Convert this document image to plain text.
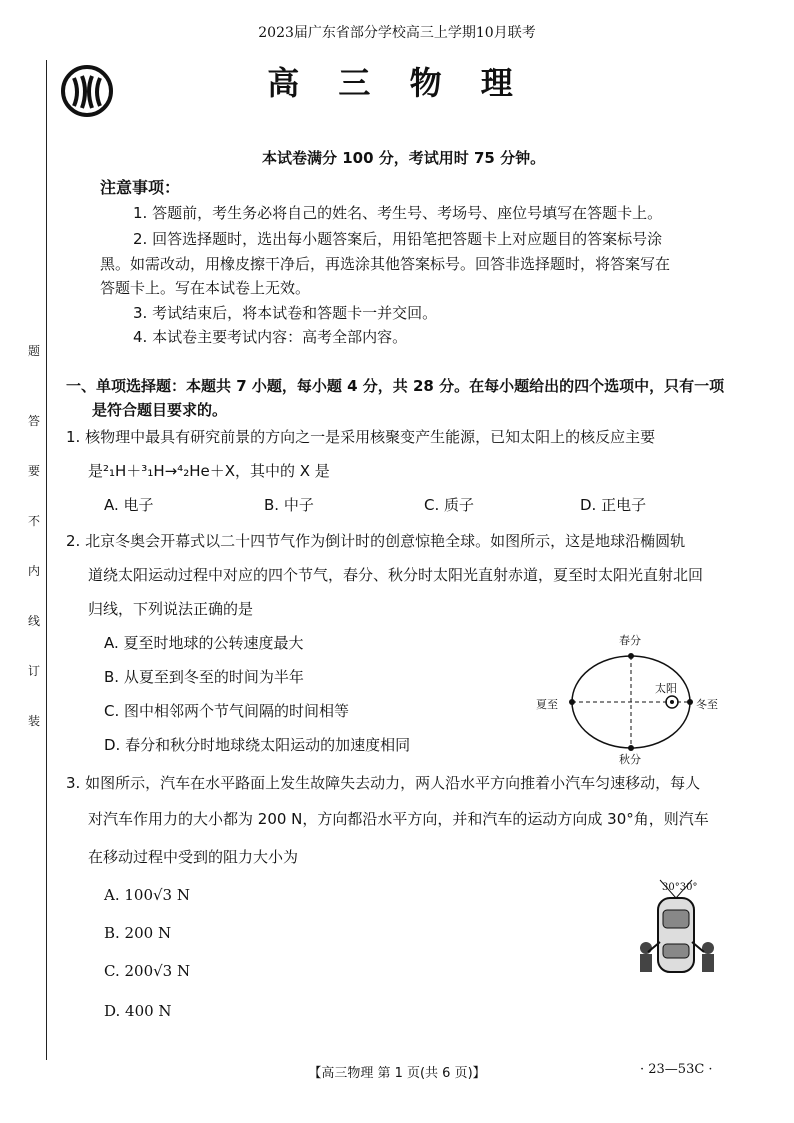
2023届广东省部分学校高三上学期10月联考
高 三 物 理
题
答
要
不
内
线
订
装
本试卷满分 100 分，考试用时 75 分钟。
注意事项：
1. 答题前，考生务必将自己的姓名、考生号、考场号、座位号填写在答题卡上。
2. 回答选择题时，选出每小题答案后，用铅笔把答题卡上对应题目的答案标号涂
黑。如需改动，用橡皮擦干净后，再选涂其他答案标号。回答非选择题时，将答案写在
答题卡上。写在本试卷上无效。
3. 考试结束后，将本试卷和答题卡一并交回。
4. 本试卷主要考试内容：高考全部内容。
一、单项选择题：本题共 7 小题，每小题 4 分，共 28 分。在每小题给出的四个选项中，只有一项
是符合题目要求的。
1. 核物理中最具有研究前景的方向之一是采用核聚变产生能源，已知太阳上的核反应主要
是²₁H＋³₁H→⁴₂He＋X，其中的 X 是
A. 电子	B. 中子	C. 质子	D. 正电子
2. 北京冬奥会开幕式以二十四节气作为倒计时的创意惊艳全球。如图所示，这是地球沿椭圆轨
道绕太阳运动过程中对应的四个节气，春分、秋分时太阳光直射赤道，夏至时太阳光直射北回
归线，下列说法正确的是
A. 夏至时地球的公转速度最大
B. 从夏至到冬至的时间为半年
C. 图中相邻两个节气间隔的时间相等
D. 春分和秋分时地球绕太阳运动的加速度相同
春分
秋分
夏至	冬至
太阳
3. 如图所示，汽车在水平路面上发生故障失去动力，两人沿水平方向推着小汽车匀速移动，每人
对汽车作用力的大小都为 200 N，方向都沿水平方向，并和汽车的运动方向成 30°角，则汽车
在移动过程中受到的阻力大小为
A. 100√3 N
B. 200 N
C. 200√3 N
D. 400 N
30°30°
【高三物理 第 1 页(共 6 页)】	· 23—53C ·
